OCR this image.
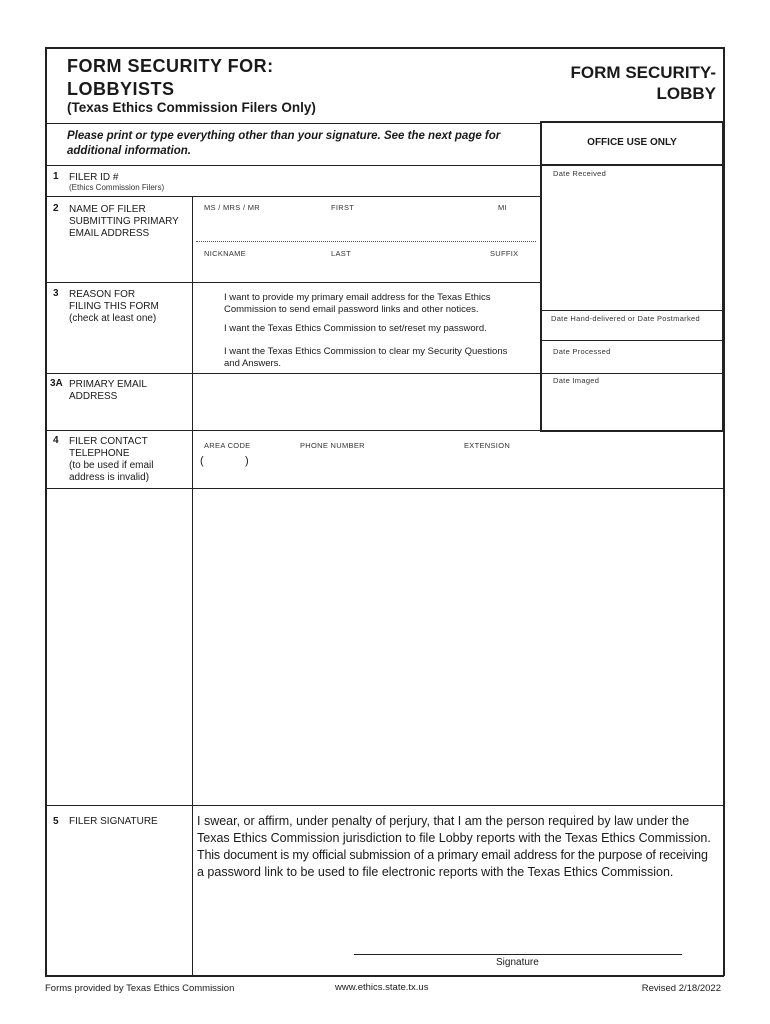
FORM SECURITY FOR:
LOBBYISTS
(Texas Ethics Commission Filers Only)
FORM SECURITY-
LOBBY
Please print or type everything other than your signature. See the next page for
additional information.
OFFICE USE ONLY
Date Received
Date Hand-delivered or Date Postmarked
Date Processed
Date Imaged
1 FILER ID #
(Ethics Commission Filers)
2 NAME OF FILER
SUBMITTING PRIMARY
EMAIL ADDRESS
MS / MRS / MR	FIRST	MI
NICKNAME	LAST	SUFFIX
3 REASON FOR
FILING THIS FORM
(check at least one)
I want to provide my primary email address for the Texas Ethics
Commission to send email password links and other notices.
I want the Texas Ethics Commission to set/reset my password.
I want the Texas Ethics Commission to clear my Security Questions
and Answers.
3A PRIMARY EMAIL
ADDRESS
4 FILER CONTACT
TELEPHONE
(to be used if email
address is invalid)
AREA CODE	PHONE NUMBER	EXTENSION
(	)
5 FILER SIGNATURE	I swear, or affirm, under penalty of perjury, that I am the person required by law under the
Texas Ethics Commission jurisdiction to file Lobby reports with the Texas Ethics Commission.
This document is my official submission of a primary email address for the purpose of receiving
a password link to be used to file electronic reports with the Texas Ethics Commission.
Signature
Forms provided by Texas Ethics Commission	www.ethics.state.tx.us	Revised 2/18/2022
